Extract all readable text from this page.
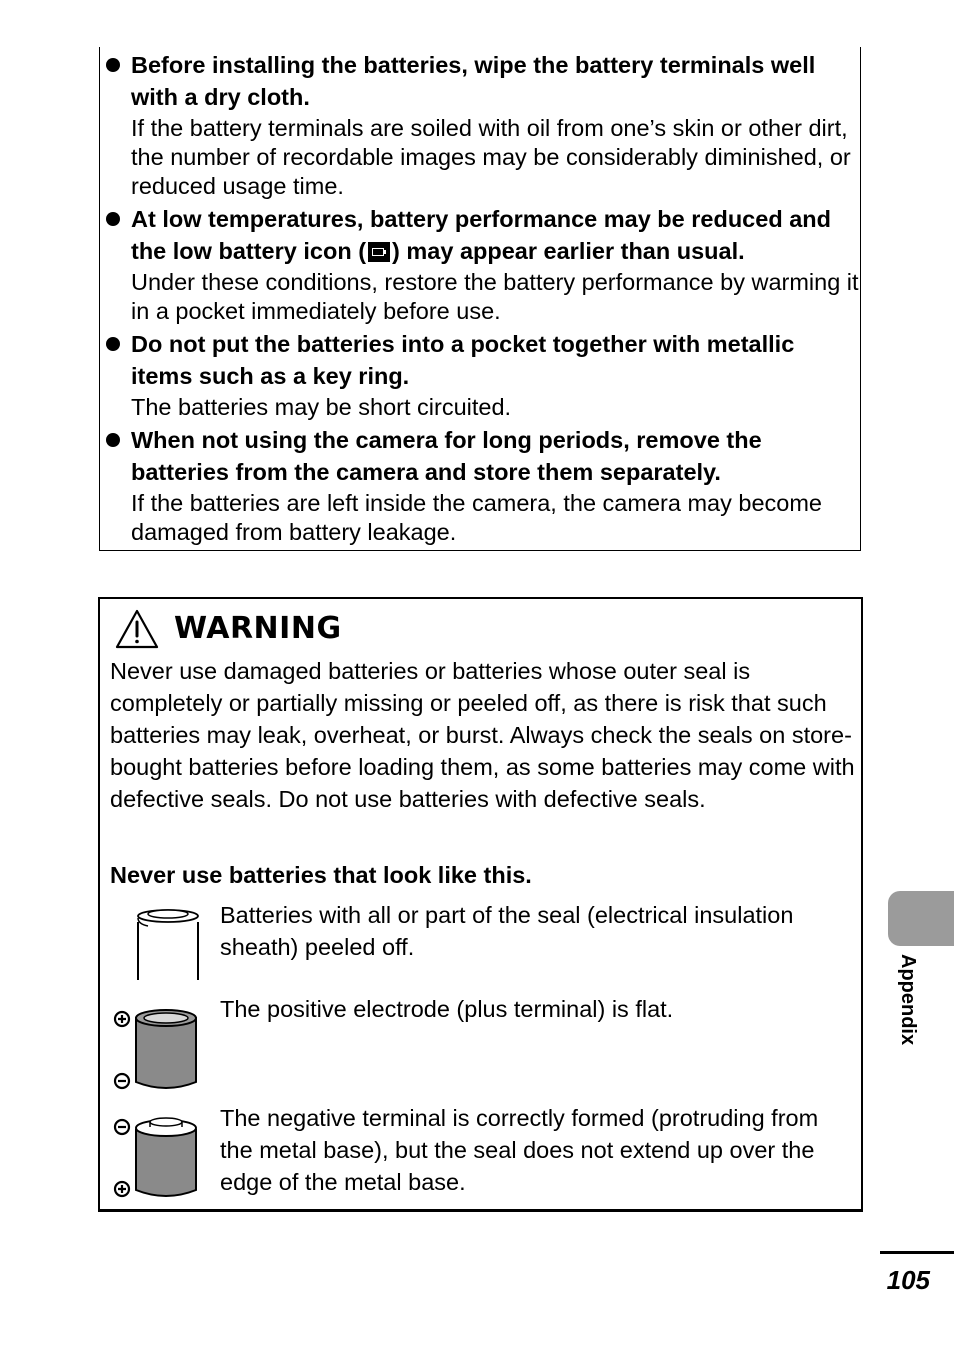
Before installing the batteries, wipe the battery terminals well with a dry cloth.
If the battery terminals are soiled with oil from one’s skin or other dirt, the number of recordable images may be considerably diminished, or reduced usage time.
At low temperatures, battery performance may be reduced and the low battery icon ( ) may appear earlier than usual.
Under these conditions, restore the battery performance by warming it in a pocket immediately before use.
Do not put the batteries into a pocket together with metallic items such as a key ring.
The batteries may be short circuited.
When not using the camera for long periods, remove the batteries from the camera and store them separately.
If the batteries are left inside the camera, the camera may become damaged from battery leakage.
WARNING
Never use damaged batteries or batteries whose outer seal is completely or partially missing or peeled off, as there is risk that such batteries may leak, overheat, or burst. Always check the seals on store-bought batteries before loading them, as some batteries may come with defective seals. Do not use batteries with defective seals.
Never use batteries that look like this.
Batteries with all or part of the seal (electrical insulation sheath) peeled off.
The positive electrode (plus terminal) is flat.
The negative terminal is correctly formed (protruding from the metal base), but the seal does not extend up over the edge of the metal base.
Appendix
105
